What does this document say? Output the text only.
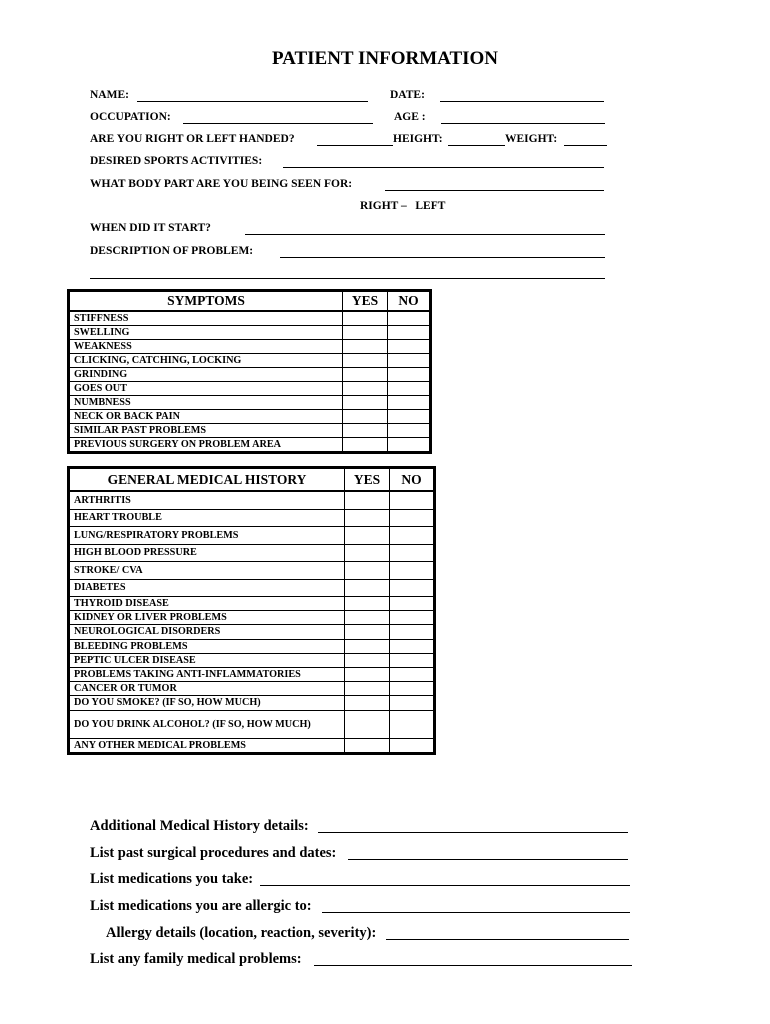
PATIENT INFORMATION
NAME:	DATE:
OCCUPATION:	AGE :
ARE YOU RIGHT OR LEFT HANDED?	HEIGHT:	WEIGHT:
DESIRED SPORTS ACTIVITIES:
WHAT BODY PART ARE YOU BEING SEEN FOR:
RIGHT –   LEFT
WHEN DID IT START?
DESCRIPTION OF PROBLEM:
SYMPTOMS	YES	NO
STIFFNESS		
SWELLING		
WEAKNESS		
CLICKING, CATCHING, LOCKING		
GRINDING		
GOES OUT		
NUMBNESS		
NECK OR BACK PAIN		
SIMILAR PAST PROBLEMS		
PREVIOUS SURGERY ON PROBLEM AREA		
GENERAL MEDICAL HISTORY	YES	NO
ARTHRITIS		
HEART TROUBLE		
LUNG/RESPIRATORY PROBLEMS		
HIGH BLOOD PRESSURE		
STROKE/ CVA		
DIABETES		
THYROID DISEASE		
KIDNEY OR LIVER PROBLEMS		
NEUROLOGICAL DISORDERS		
BLEEDING PROBLEMS		
PEPTIC ULCER DISEASE		
PROBLEMS TAKING ANTI-INFLAMMATORIES		
CANCER OR TUMOR		
DO YOU SMOKE? (IF SO, HOW MUCH)		
DO YOU DRINK ALCOHOL? (IF SO, HOW MUCH)		
ANY OTHER MEDICAL PROBLEMS		
Additional Medical History details:
List past surgical procedures and dates:
List medications you take:
List medications you are allergic to:
Allergy details (location, reaction, severity):
List any family medical problems:
